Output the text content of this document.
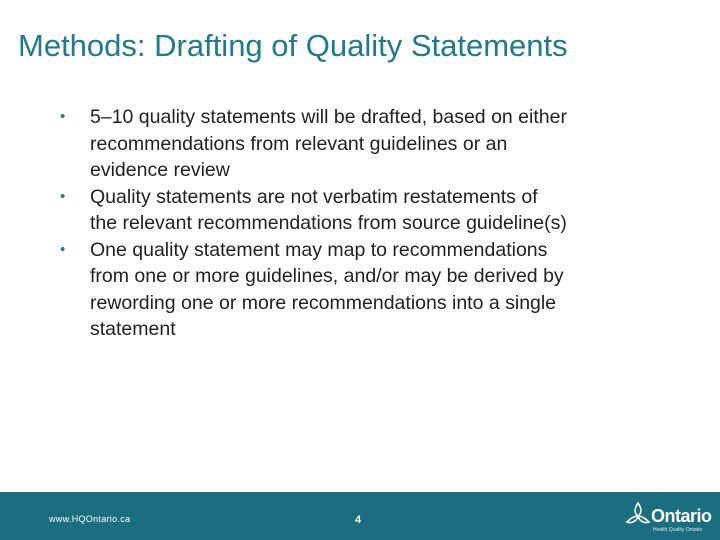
Methods: Drafting of Quality Statements
• 5–10 quality statements will be drafted, based on either
recommendations from relevant guidelines or an
evidence review
• Quality statements are not verbatim restatements of
the relevant recommendations from source guideline(s)
• One quality statement may map to recommendations
from one or more guidelines, and/or may be derived by
rewording one or more recommendations into a single
statement
www.HQOntario.ca	4	Ontario
Health Quality Ontario
